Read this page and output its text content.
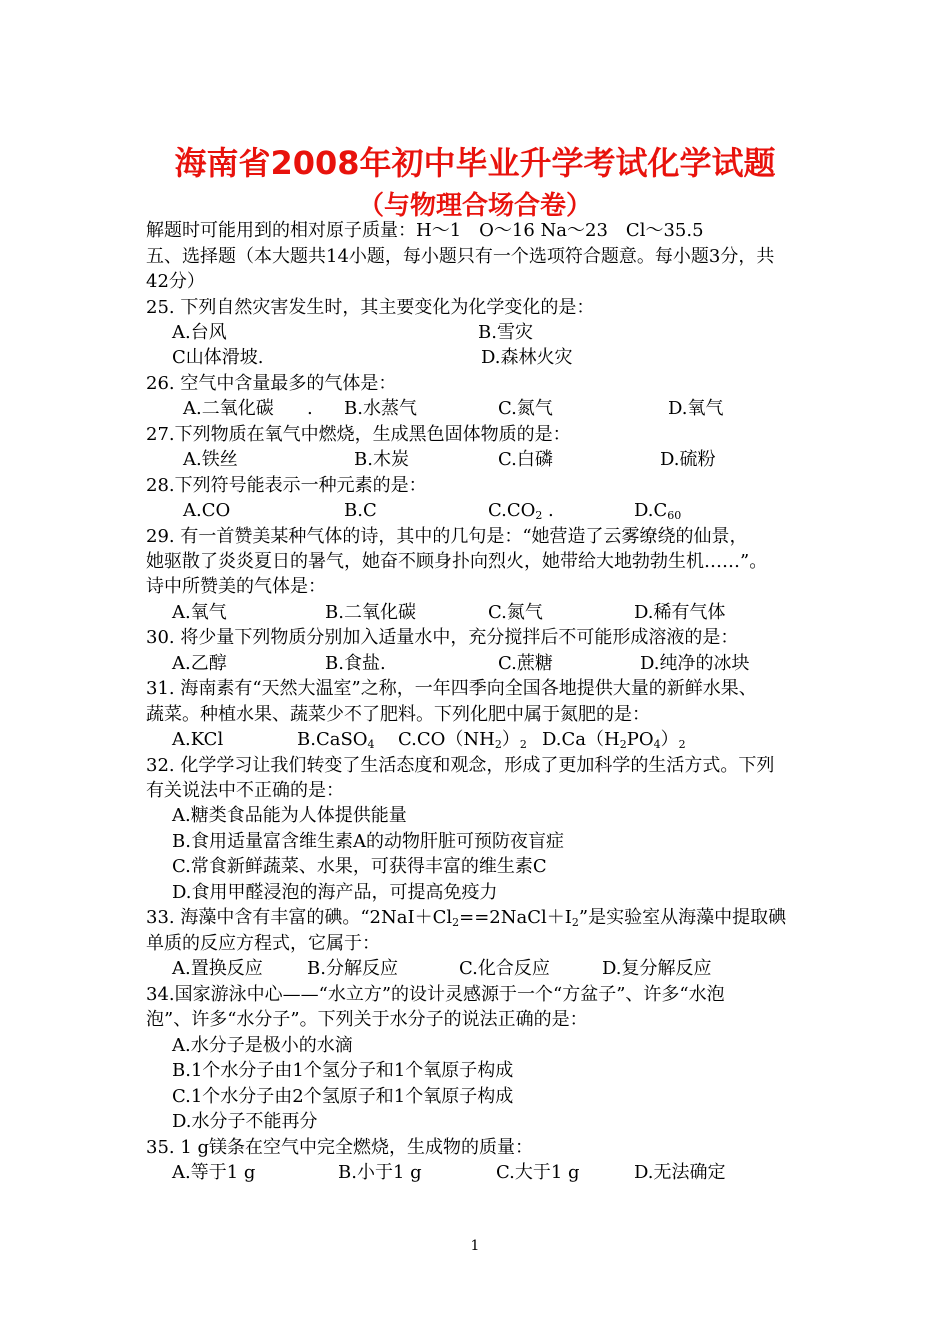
海南省2008年初中毕业升学考试化学试题
（与物理合场合卷）
解题时可能用到的相对原子质量：H～1　O～16 Na～23　Cl～35.5
五、选择题（本大题共14小题，每小题只有一个选项符合题意。每小题3分，共
42分）
25. 下列自然灾害发生时，其主要变化为化学变化的是：
A.台风	B.雪灾
C山体滑坡.	D.森林火灾
26. 空气中含量最多的气体是：
A.二氧化碳 . B.水蒸气	C.氮气	D.氧气
27.下列物质在氧气中燃烧，生成黑色固体物质的是：
A.铁丝	B.木炭	C.白磷	D.硫粉
28.下列符号能表示一种元素的是：
A.CO	B.C	$C.CO_2$ .	$D.C_{60}$
29. 有一首赞美某种气体的诗，其中的几句是：“她营造了云雾缭绕的仙景，
她驱散了炎炎夏日的暑气，她奋不顾身扑向烈火，她带给大地勃勃生机……”。
诗中所赞美的气体是：
A.氧气	B.二氧化碳	C.氮气	D.稀有气体
30. 将少量下列物质分别加入适量水中，充分搅拌后不可能形成溶液的是：
A.乙醇	B.食盐.	C.蔗糖	D.纯净的冰块
31. 海南素有“天然大温室”之称，一年四季向全国各地提供大量的新鲜水果、
蔬菜。种植水果、蔬菜少不了肥料。下列化肥中属于氮肥的是：
A.KCl	B.CaSO$_4$ $C.CO(NH_2)_2$ $D.Ca(H_2PO_4)_2$
32. 化学学习让我们转变了生活态度和观念，形成了更加科学的生活方式。下列
有关说法中不正确的是：
A.糖类食品能为人体提供能量
B.食用适量富含维生素A的动物肝脏可预防夜盲症
C.常食新鲜蔬菜、水果，可获得丰富的维生素C
D.食用甲醛浸泡的海产品，可提高免疫力
33. 海藻中含有丰富的碘。“$2NaI+Cl_2==2NaCl+I_2$”是实验室从海藻中提取碘
单质的反应方程式，它属于：
A.置换反应 B.分解反应	C.化合反应	D.复分解反应
34.国家游泳中心——“水立方”的设计灵感源于一个“方盆子”、许多“水泡
泡”、许多“水分子”。下列关于水分子的说法正确的是：
A.水分子是极小的水滴
B.1个水分子由1个氢分子和1个氧原子构成
C.1个水分子由2个氢原子和1个氧原子构成
D.水分子不能再分
35. 1 g镁条在空气中完全燃烧，生成物的质量：
A.等于1 g	B.小于1 g	C.大于1 g	D.无法确定
1
